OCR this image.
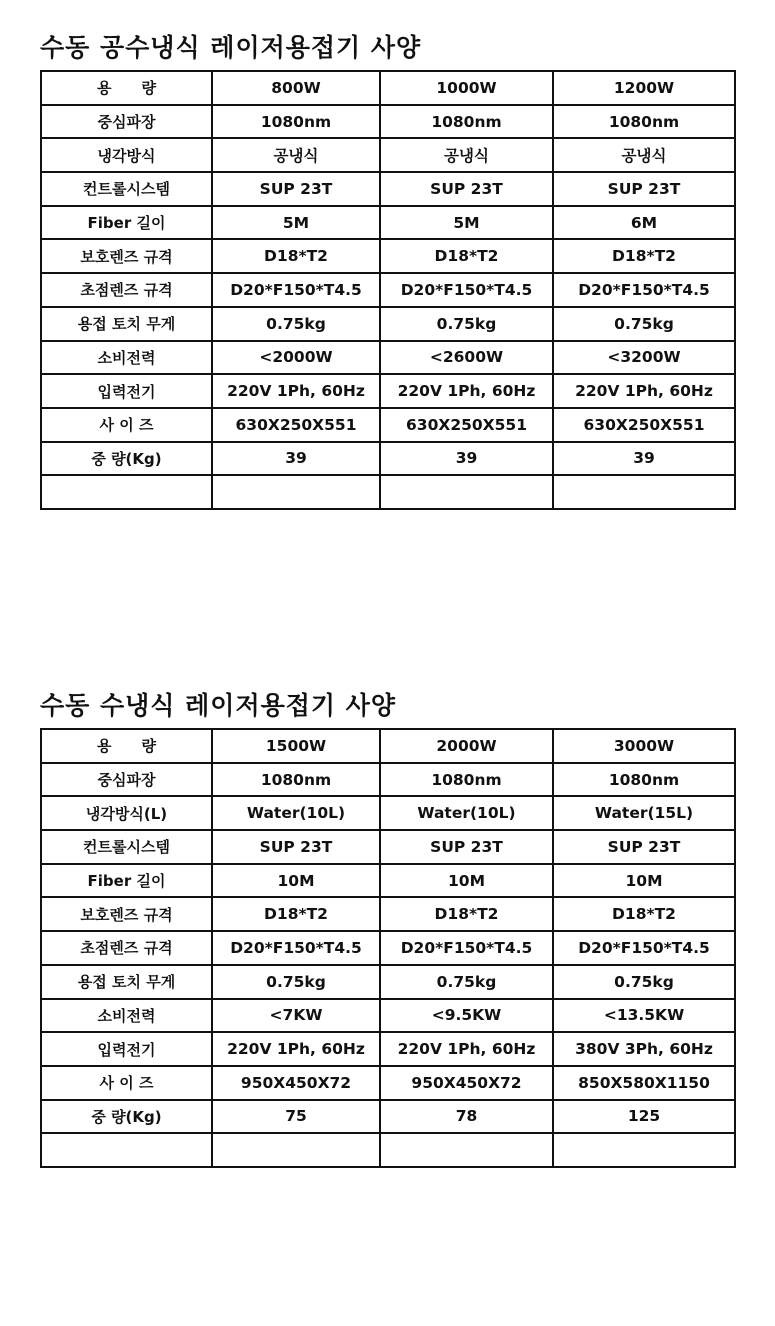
수동 공수냉식 레이저용접기 사양
용　　량	800W	1000W	1200W
중심파장	1080nm	1080nm	1080nm
냉각방식	공냉식	공냉식	공냉식
컨트롤시스템	SUP 23T	SUP 23T	SUP 23T
Fiber 길이	5M	5M	6M
보호렌즈 규격	D18*T2	D18*T2	D18*T2
초점렌즈 규격	D20*F150*T4.5	D20*F150*T4.5	D20*F150*T4.5
용접 토치 무게	0.75kg	0.75kg	0.75kg
소비전력	<2000W	<2600W	<3200W
입력전기	220V 1Ph, 60Hz	220V 1Ph, 60Hz	220V 1Ph, 60Hz
사 이 즈	630X250X551	630X250X551	630X250X551
중 량(Kg)	39	39	39

수동 수냉식 레이저용접기 사양
용　　량	1500W	2000W	3000W
중심파장	1080nm	1080nm	1080nm
냉각방식(L)	Water(10L)	Water(10L)	Water(15L)
컨트롤시스템	SUP 23T	SUP 23T	SUP 23T
Fiber 길이	10M	10M	10M
보호렌즈 규격	D18*T2	D18*T2	D18*T2
초점렌즈 규격	D20*F150*T4.5	D20*F150*T4.5	D20*F150*T4.5
용접 토치 무게	0.75kg	0.75kg	0.75kg
소비전력	<7KW	<9.5KW	<13.5KW
입력전기	220V 1Ph, 60Hz	220V 1Ph, 60Hz	380V 3Ph, 60Hz
사 이 즈	950X450X72	950X450X72	850X580X1150
중 량(Kg)	75	78	125
